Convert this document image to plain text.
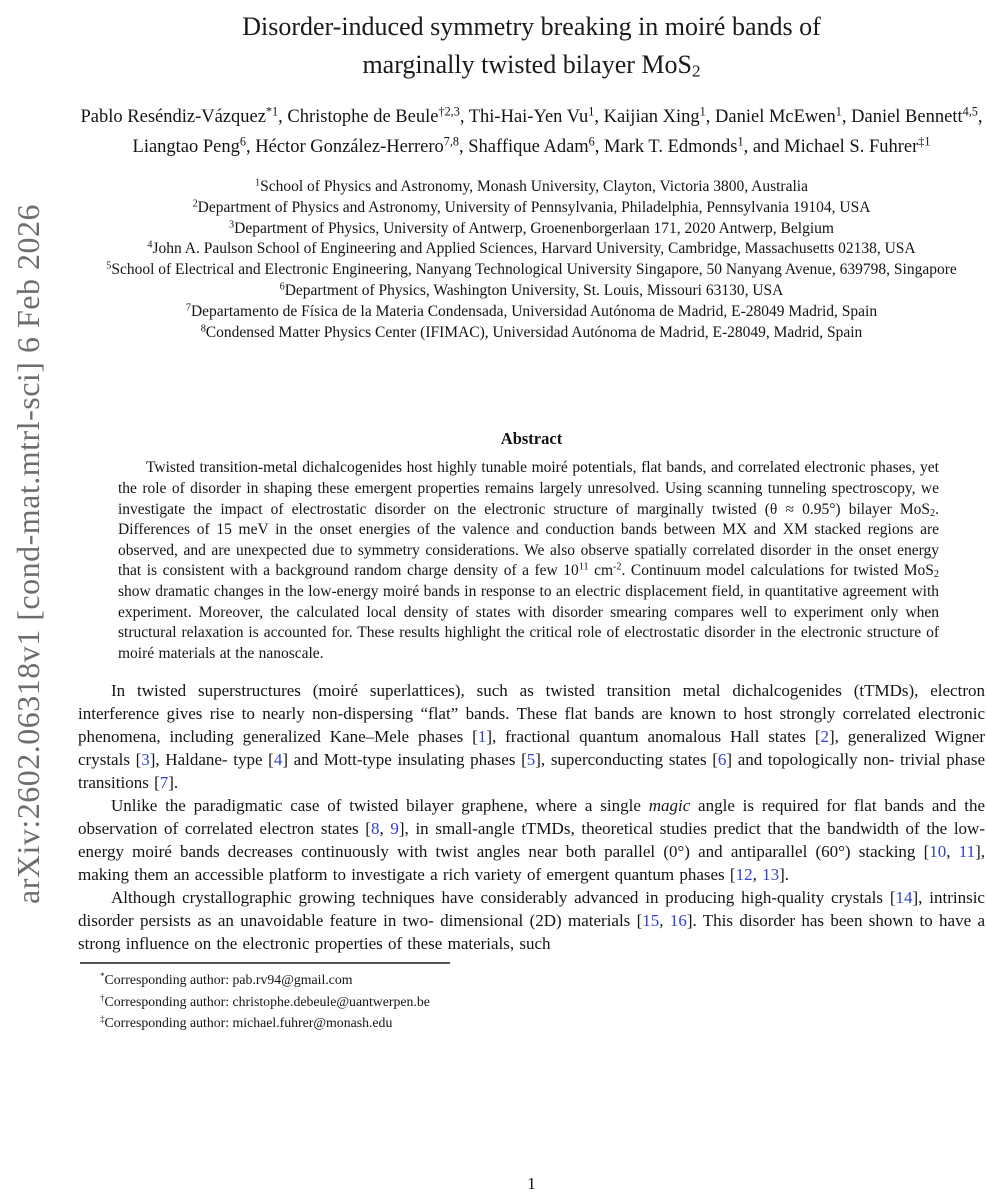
arXiv:2602.06318v1 [cond-mat.mtrl-sci] 6 Feb 2026
Disorder-induced symmetry breaking in moiré bands of
marginally twisted bilayer MoS$_2$
Pablo Reséndiz-Vázquez$^{*1}$, Christophe de Beule$^{\dagger 2,3}$, Thi-Hai-Yen Vu$^1$, Kaijian Xing$^1$, Daniel McEwen$^1$, Daniel Bennett$^{4,5}$, Liangtao Peng$^6$, Héctor González-Herrero$^{7,8}$, Shaffique Adam$^6$, Mark T. Edmonds$^1$, and Michael S. Fuhrer$^{\ddagger 1}$
$^1$School of Physics and Astronomy, Monash University, Clayton, Victoria 3800, Australia
$^2$Department of Physics and Astronomy, University of Pennsylvania, Philadelphia, Pennsylvania 19104, USA
$^3$Department of Physics, University of Antwerp, Groenenborgerlaan 171, 2020 Antwerp, Belgium
$^4$John A. Paulson School of Engineering and Applied Sciences, Harvard University, Cambridge, Massachusetts 02138, USA
$^5$School of Electrical and Electronic Engineering, Nanyang Technological University Singapore, 50 Nanyang Avenue, 639798, Singapore
$^6$Department of Physics, Washington University, St. Louis, Missouri 63130, USA
$^7$Departamento de Física de la Materia Condensada, Universidad Autónoma de Madrid, E-28049 Madrid, Spain
$^8$Condensed Matter Physics Center (IFIMAC), Universidad Autónoma de Madrid, E-28049, Madrid, Spain
Abstract
Twisted transition-metal dichalcogenides host highly tunable moiré potentials, flat bands, and correlated electronic phases, yet the role of disorder in shaping these emergent properties remains largely unresolved. Using scanning tunneling spectroscopy, we investigate the impact of electrostatic disorder on the electronic structure of marginally twisted (θ ≈ 0.95°) bilayer MoS$_2$. Differences of 15 meV in the onset energies of the valence and conduction bands between MX and XM stacked regions are observed, and are unexpected due to symmetry considerations. We also observe spatially correlated disorder in the onset energy that is consistent with a background random charge density of a few $10^{11}$ $cm^{-2}$. Continuum model calculations for twisted MoS$_2$ show dramatic changes in the low-energy moiré bands in response to an electric displacement field, in quantitative agreement with experiment. Moreover, the calculated local density of states with disorder smearing compares well to experiment only when structural relaxation is accounted for. These results highlight the critical role of electrostatic disorder in the electronic structure of moiré materials at the nanoscale.

In twisted superstructures (moiré superlattices), such as twisted transition metal dichalcogenides (tTMDs), electron interference gives rise to nearly non-dispersing “flat” bands. These flat bands are known to host strongly correlated electronic phenomena, including generalized Kane–Mele phases [1], fractional quantum anomalous Hall states [2], generalized Wigner crystals [3], Haldane- type [4] and Mott-type insulating phases [5], superconducting states [6] and topologically non- trivial phase transitions [7].

Unlike the paradigmatic case of twisted bilayer graphene, where a single magic angle is required for flat bands and the observation of correlated electron states [8, 9], in small-angle tTMDs, theoretical studies predict that the bandwidth of the low-energy moiré bands decreases continuously with twist angles near both parallel (0°) and antiparallel (60°) stacking [10, 11], making them an accessible platform to investigate a rich variety of emergent quantum phases [12, 13].

Although crystallographic growing techniques have considerably advanced in producing high-quality crystals [14], intrinsic disorder persists as an unavoidable feature in two- dimensional (2D) materials [15, 16]. This disorder has been shown to have a strong influence on the electronic properties of these materials, such

*Corresponding author: pab.rv94@gmail.com
†Corresponding author: christophe.debeule@uantwerpen.be
‡Corresponding author: michael.fuhrer@monash.edu
1
